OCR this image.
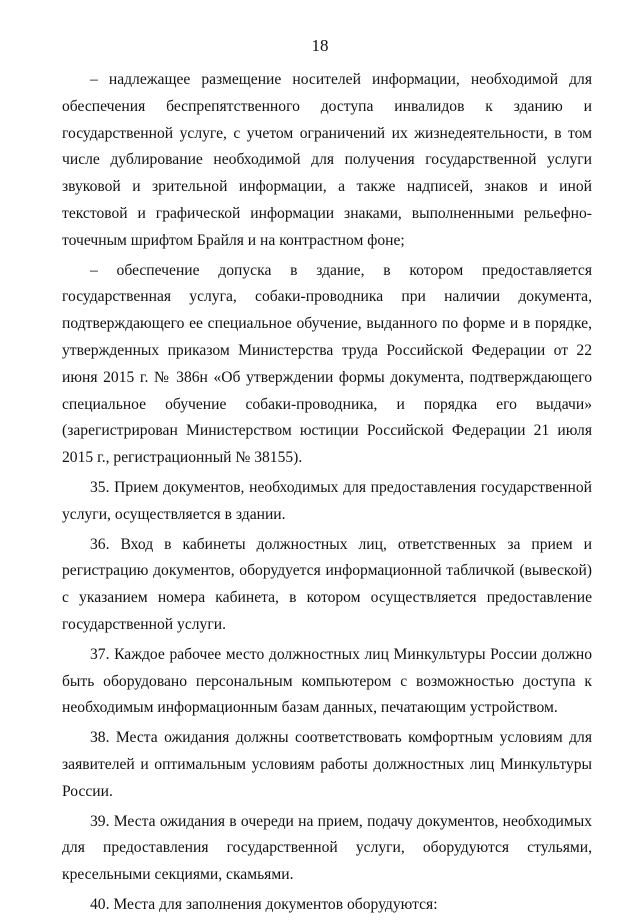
18

– надлежащее размещение носителей информации, необходимой для обеспечения беспрепятственного доступа инвалидов к зданию и государственной услуге, с учетом ограничений их жизнедеятельности, в том числе дублирование необходимой для получения государственной услуги звуковой и зрительной информации, а также надписей, знаков и иной текстовой и графической информации знаками, выполненными рельефно-точечным шрифтом Брайля и на контрастном фоне;

– обеспечение допуска в здание, в котором предоставляется государственная услуга, собаки-проводника при наличии документа, подтверждающего ее специальное обучение, выданного по форме и в порядке, утвержденных приказом Министерства труда Российской Федерации от 22 июня 2015 г. № 386н «Об утверждении формы документа, подтверждающего специальное обучение собаки-проводника, и порядка его выдачи» (зарегистрирован Министерством юстиции Российской Федерации 21 июля 2015 г., регистрационный № 38155).

35. Прием документов, необходимых для предоставления государственной услуги, осуществляется в здании.

36. Вход в кабинеты должностных лиц, ответственных за прием и регистрацию документов, оборудуется информационной табличкой (вывеской) с указанием номера кабинета, в котором осуществляется предоставление государственной услуги.

37. Каждое рабочее место должностных лиц Минкультуры России должно быть оборудовано персональным компьютером с возможностью доступа к необходимым информационным базам данных, печатающим устройством.

38. Места ожидания должны соответствовать комфортным условиям для заявителей и оптимальным условиям работы должностных лиц Минкультуры России.

39. Места ожидания в очереди на прием, подачу документов, необходимых для предоставления государственной услуги, оборудуются стульями, кресельными секциями, скамьями.

40. Места для заполнения документов оборудуются:
